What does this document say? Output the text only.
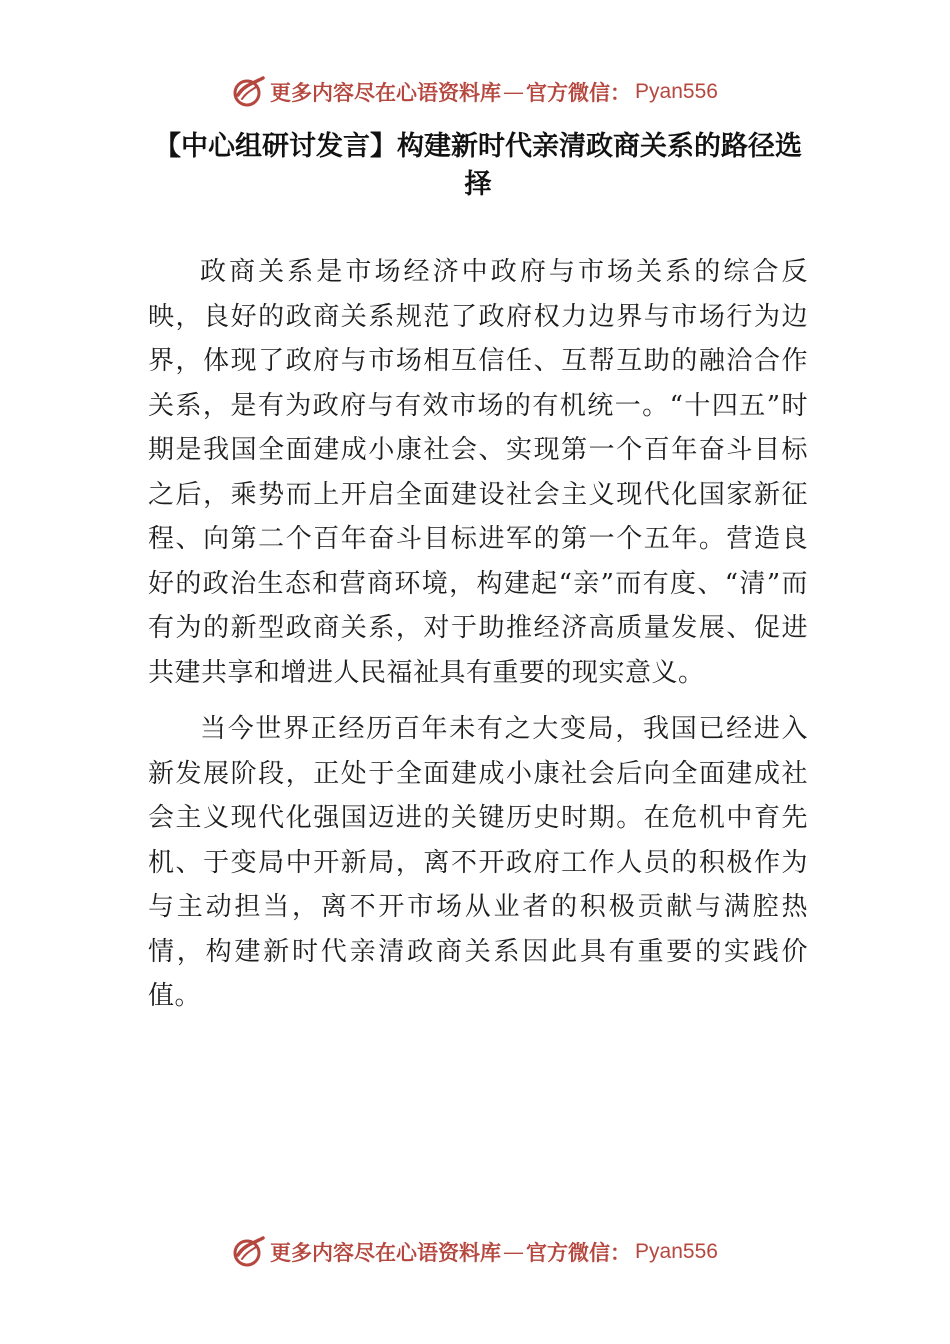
更多内容尽在心语资料库 — 官方微信： Pyan556
【中心组研讨发言】构建新时代亲清政商关系的路径选择

政商关系是市场经济中政府与市场关系的综合反映，良好的政商关系规范了政府权力边界与市场行为边界，体现了政府与市场相互信任、互帮互助的融洽合作关系，是有为政府与有效市场的有机统一。“十四五”时期是我国全面建成小康社会、实现第一个百年奋斗目标之后，乘势而上开启全面建设社会主义现代化国家新征程、向第二个百年奋斗目标进军的第一个五年。营造良好的政治生态和营商环境，构建起“亲”而有度、“清”而有为的新型政商关系，对于助推经济高质量发展、促进共建共享和增进人民福祉具有重要的现实意义。

当今世界正经历百年未有之大变局，我国已经进入新发展阶段，正处于全面建成小康社会后向全面建成社会主义现代化强国迈进的关键历史时期。在危机中育先机、于变局中开新局，离不开政府工作人员的积极作为与主动担当，离不开市场从业者的积极贡献与满腔热情，构建新时代亲清政商关系因此具有重要的实践价值。

更多内容尽在心语资料库 — 官方微信： Pyan556
